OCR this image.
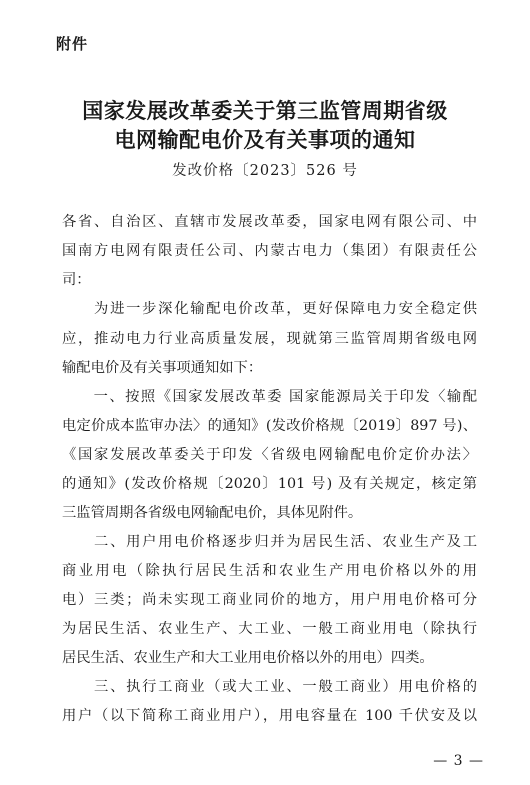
附件
国家发展改革委关于第三监管周期省级
电网输配电价及有关事项的通知
发改价格〔2023〕526 号
各省、自治区、直辖市发展改革委，国家电网有限公司、中
国南方电网有限责任公司、内蒙古电力（集团）有限责任公
司：
　　为进一步深化输配电价改革，更好保障电力安全稳定供
应，推动电力行业高质量发展，现就第三监管周期省级电网
输配电价及有关事项通知如下：
　　一、按照《国家发展改革委 国家能源局关于印发〈输配
电定价成本监审办法〉的通知》(发改价格规〔2019〕897 号)、
《国家发展改革委关于印发〈省级电网输配电价定价办法〉
的通知》(发改价格规〔2020〕101 号) 及有关规定，核定第
三监管周期各省级电网输配电价，具体见附件。
　　二、用户用电价格逐步归并为居民生活、农业生产及工
商业用电（除执行居民生活和农业生产用电价格以外的用
电）三类；尚未实现工商业同价的地方，用户用电价格可分
为居民生活、农业生产、大工业、一般工商业用电（除执行
居民生活、农业生产和大工业用电价格以外的用电）四类。
　　三、执行工商业（或大工业、一般工商业）用电价格的
用户（以下简称工商业用户），用电容量在 100 千伏安及以
— 3 —
